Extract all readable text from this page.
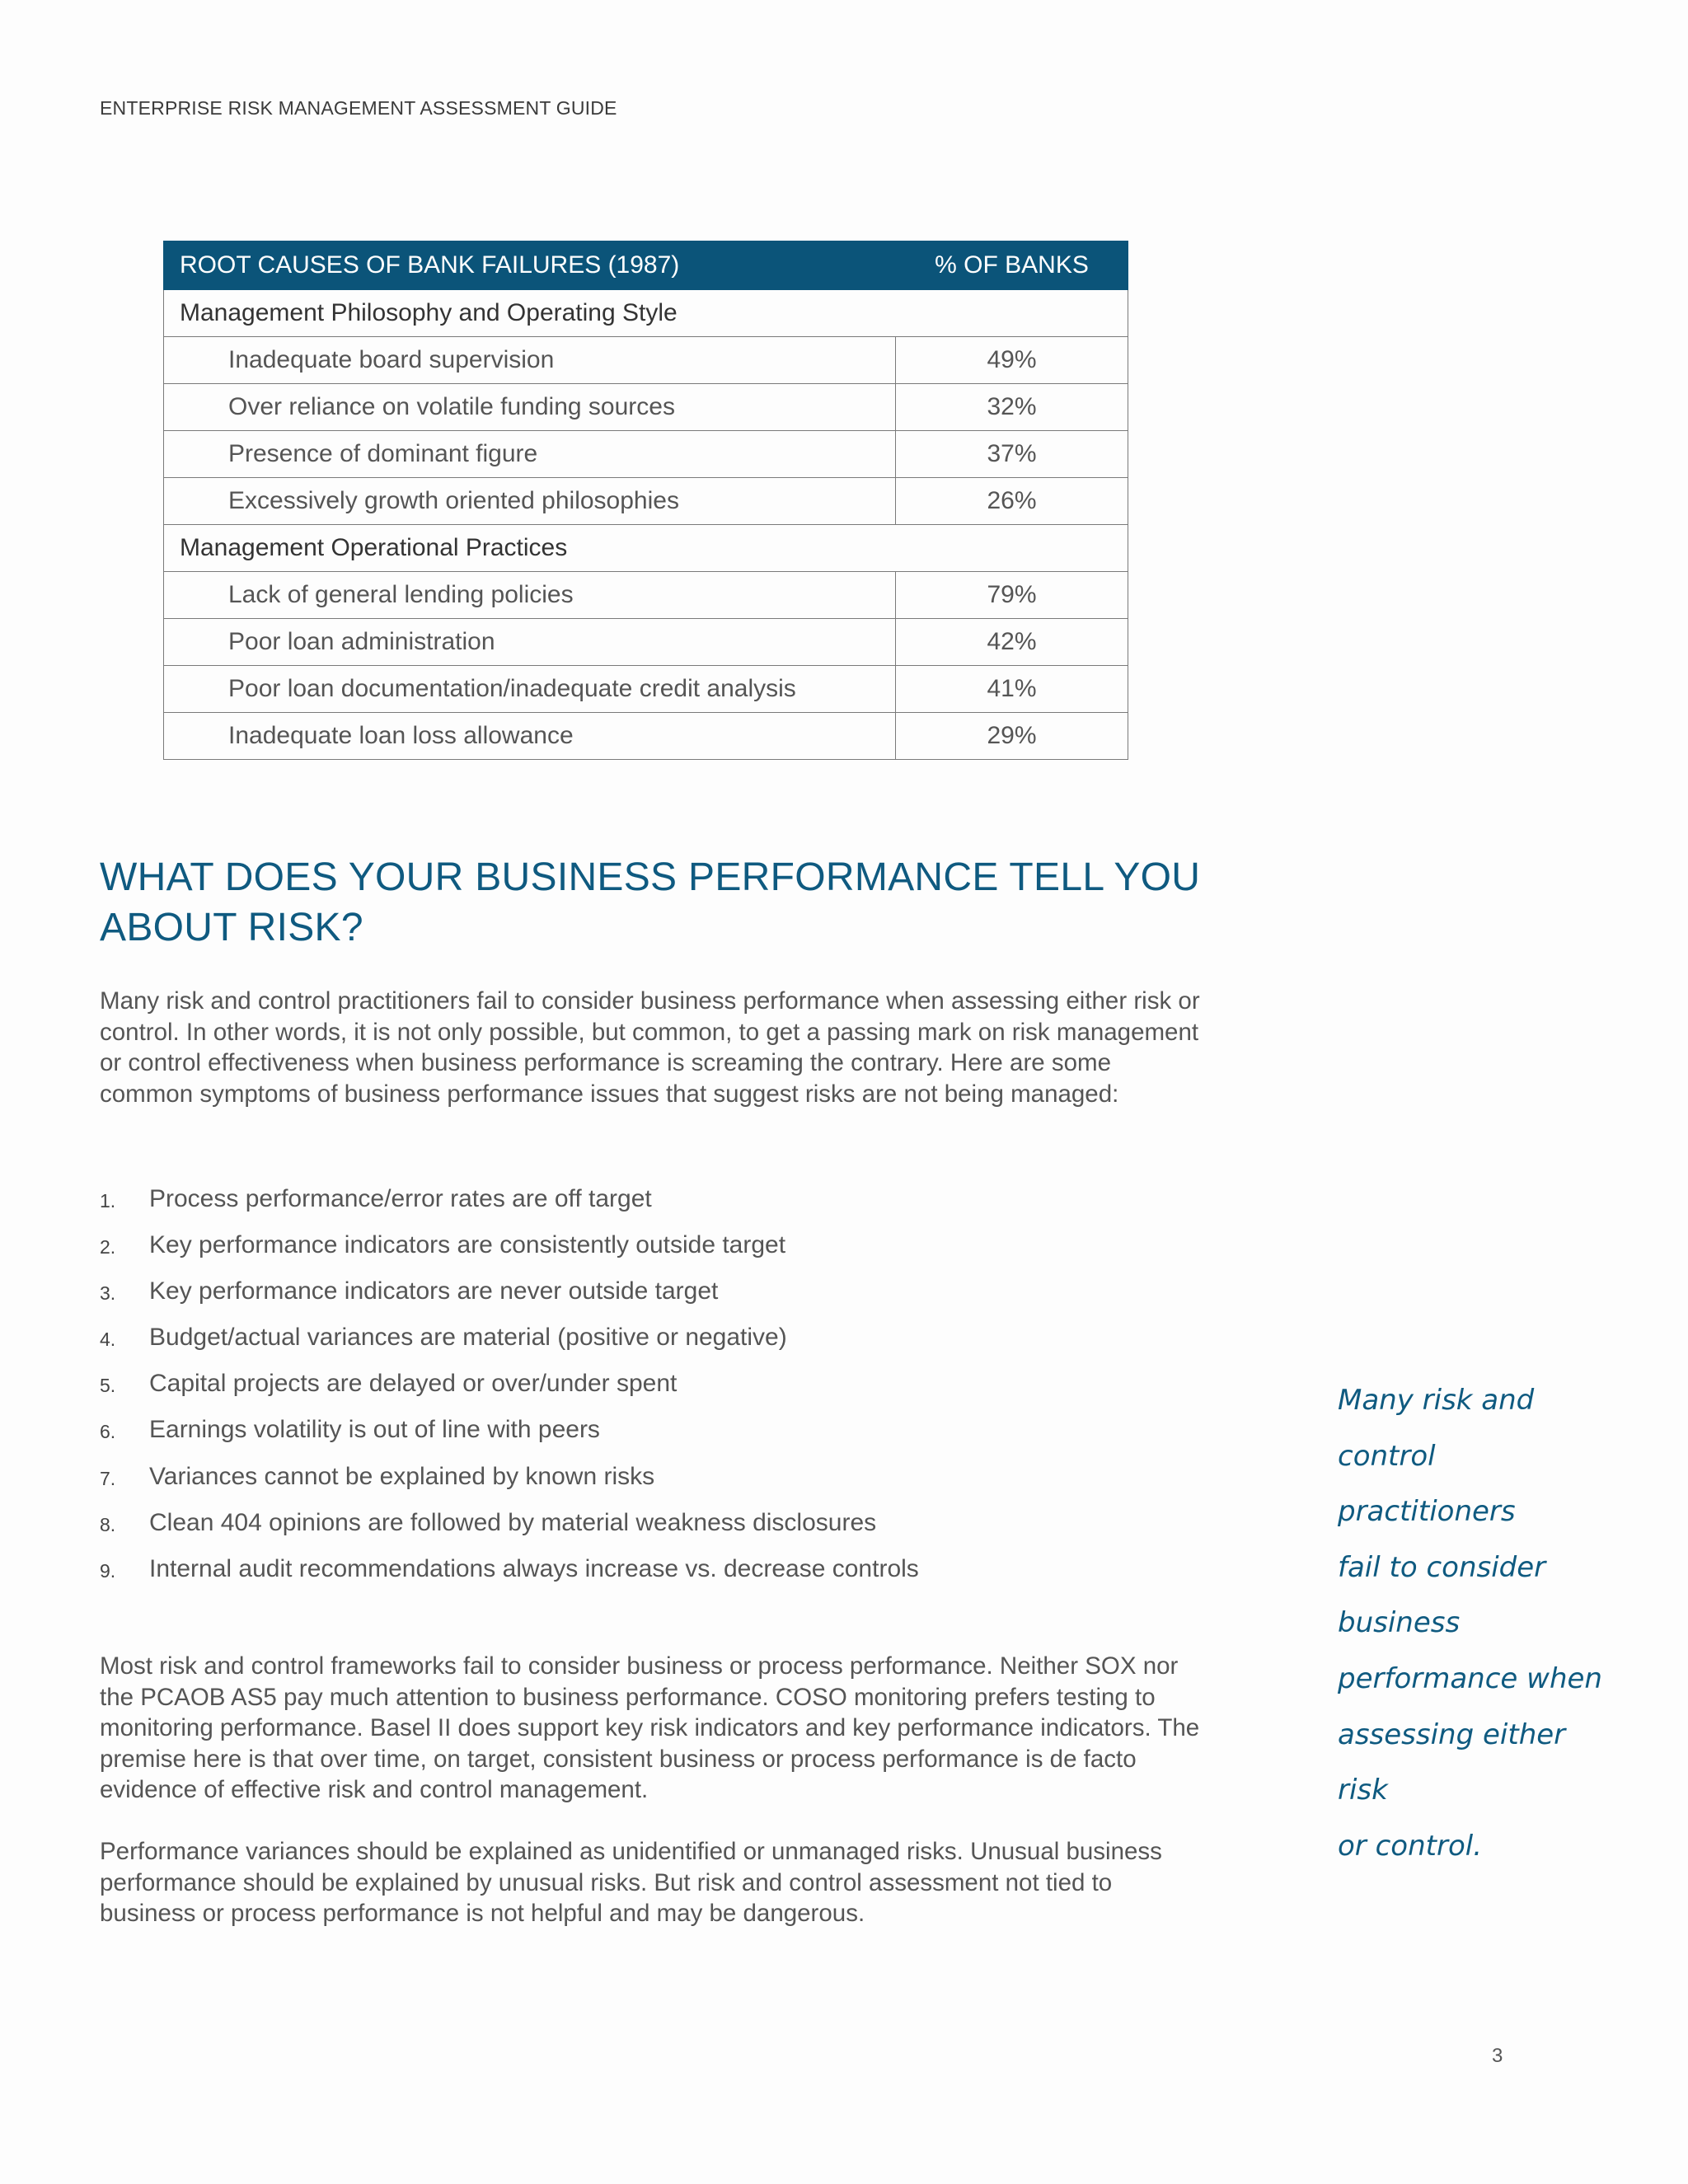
ENTERPRISE RISK MANAGEMENT ASSESSMENT GUIDE
ROOT CAUSES OF BANK FAILURES (1987)	% OF BANKS
Management Philosophy and Operating Style	
Inadequate board supervision	49%
Over reliance on volatile funding sources	32%
Presence of dominant figure	37%
Excessively growth oriented philosophies	26%
Management Operational Practices	
Lack of general lending policies	79%
Poor loan administration	42%
Poor loan documentation/inadequate credit analysis	41%
Inadequate loan loss allowance	29%
WHAT DOES YOUR BUSINESS PERFORMANCE TELL YOU
ABOUT RISK?

Many risk and control practitioners fail to consider business performance when assessing either risk or control. In other words, it is not only possible, but common, to get a passing mark on risk management or control effectiveness when business performance is screaming the contrary. Here are some common symptoms of business performance issues that suggest risks are not being managed:

1.	Process performance/error rates are off target
2.	Key performance indicators are consistently outside target
3.	Key performance indicators are never outside target
4.	Budget/actual variances are material (positive or negative)
5.	Capital projects are delayed or over/under spent
6.	Earnings volatility is out of line with peers
7.	Variances cannot be explained by known risks
8.	Clean 404 opinions are followed by material weakness disclosures
9.	Internal audit recommendations always increase vs. decrease controls

Most risk and control frameworks fail to consider business or process performance. Neither SOX nor the PCAOB AS5 pay much attention to business performance. COSO monitoring prefers testing to monitoring performance. Basel II does support key risk indicators and key performance indicators. The premise here is that over time, on target, consistent business or process performance is de facto evidence of effective risk and control management.

Performance variances should be explained as unidentified or unmanaged risks. Unusual business performance should be explained by unusual risks. But risk and control assessment not tied to business or process performance is not helpful and may be dangerous.

Many risk and
control practitioners
fail to consider
business
performance when
assessing either risk
or control.
3
